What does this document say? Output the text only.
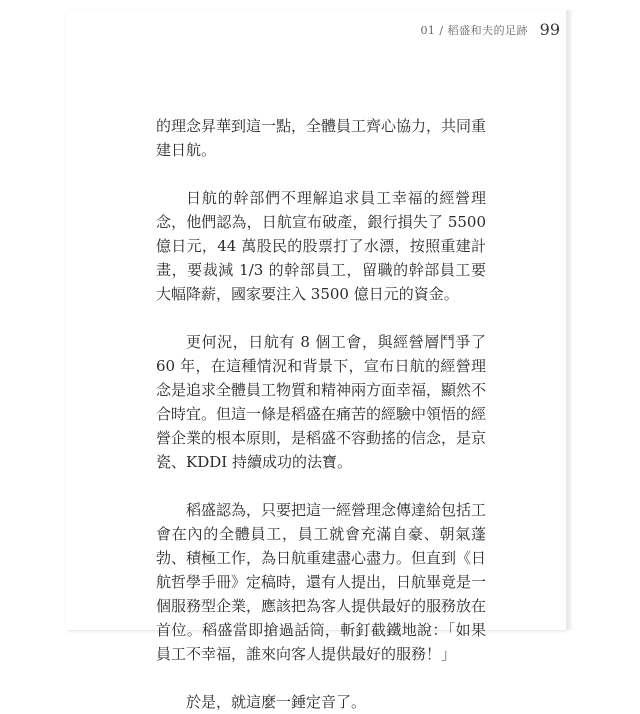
01 / 稻盛和夫的足跡 99

的理念昇華到這一點，全體員工齊心協力，共同重建日航。

日航的幹部們不理解追求員工幸福的經營理念，他們認為，日航宣布破產，銀行損失了 5500 億日元，44 萬股民的股票打了水漂，按照重建計畫，要裁減 1/3 的幹部員工，留職的幹部員工要大幅降薪，國家要注入 3500 億日元的資金。

更何況，日航有 8 個工會，與經營層鬥爭了 60 年，在這種情況和背景下，宣布日航的經營理念是追求全體員工物質和精神兩方面幸福，顯然不合時宜。但這一條是稻盛在痛苦的經驗中領悟的經營企業的根本原則，是稻盛不容動搖的信念，是京瓷、KDDI 持續成功的法寶。

稻盛認為，只要把這一經營理念傳達給包括工會在內的全體員工，員工就會充滿自豪、朝氣蓬勃、積極工作，為日航重建盡心盡力。但直到《日航哲學手冊》定稿時，還有人提出，日航畢竟是一個服務型企業，應該把為客人提供最好的服務放在首位。稻盛當即搶過話筒，斬釘截鐵地說：「如果員工不幸福，誰來向客人提供最好的服務！」

於是，就這麼一錘定音了。
